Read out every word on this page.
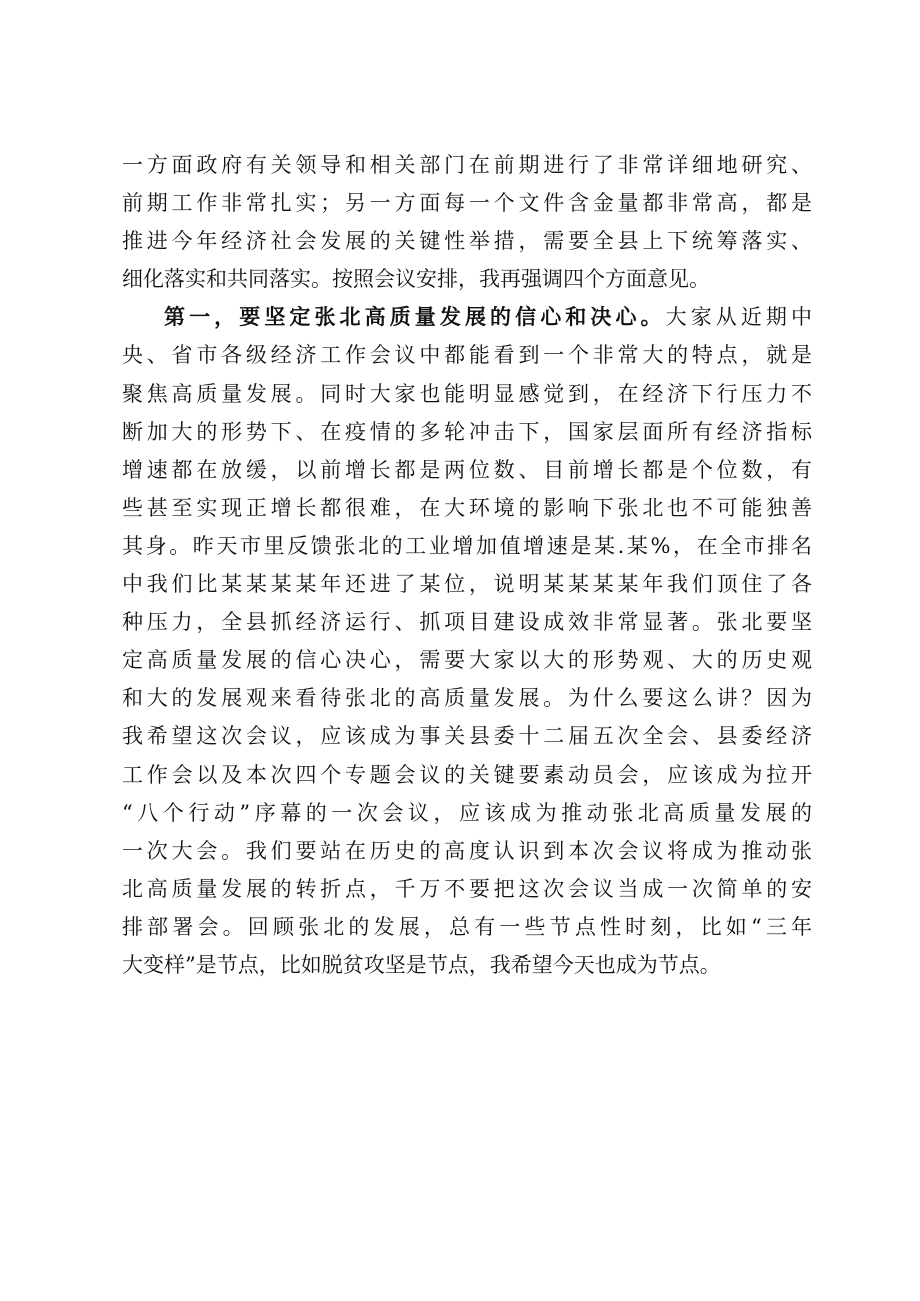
一方面政府有关领导和相关部门在前期进行了非常详细地研究、
前期工作非常扎实；另一方面每一个文件含金量都非常高，都是
推进今年经济社会发展的关键性举措，需要全县上下统筹落实、
细化落实和共同落实。按照会议安排，我再强调四个方面意见。
第一，要坚定张北高质量发展的信心和决心。大家从近期中
央、省市各级经济工作会议中都能看到一个非常大的特点，就是
聚焦高质量发展。同时大家也能明显感觉到，在经济下行压力不
断加大的形势下、在疫情的多轮冲击下，国家层面所有经济指标
增速都在放缓，以前增长都是两位数、目前增长都是个位数，有
些甚至实现正增长都很难，在大环境的影响下张北也不可能独善
其身。昨天市里反馈张北的工业增加值增速是某.某%，在全市排名
中我们比某某某某年还进了某位，说明某某某某年我们顶住了各
种压力，全县抓经济运行、抓项目建设成效非常显著。张北要坚
定高质量发展的信心决心，需要大家以大的形势观、大的历史观
和大的发展观来看待张北的高质量发展。为什么要这么讲？因为
我希望这次会议，应该成为事关县委十二届五次全会、县委经济
工作会以及本次四个专题会议的关键要素动员会，应该成为拉开
“八个行动”序幕的一次会议，应该成为推动张北高质量发展的
一次大会。我们要站在历史的高度认识到本次会议将成为推动张
北高质量发展的转折点，千万不要把这次会议当成一次简单的安
排部署会。回顾张北的发展，总有一些节点性时刻，比如“三年
大变样”是节点，比如脱贫攻坚是节点，我希望今天也成为节点。
